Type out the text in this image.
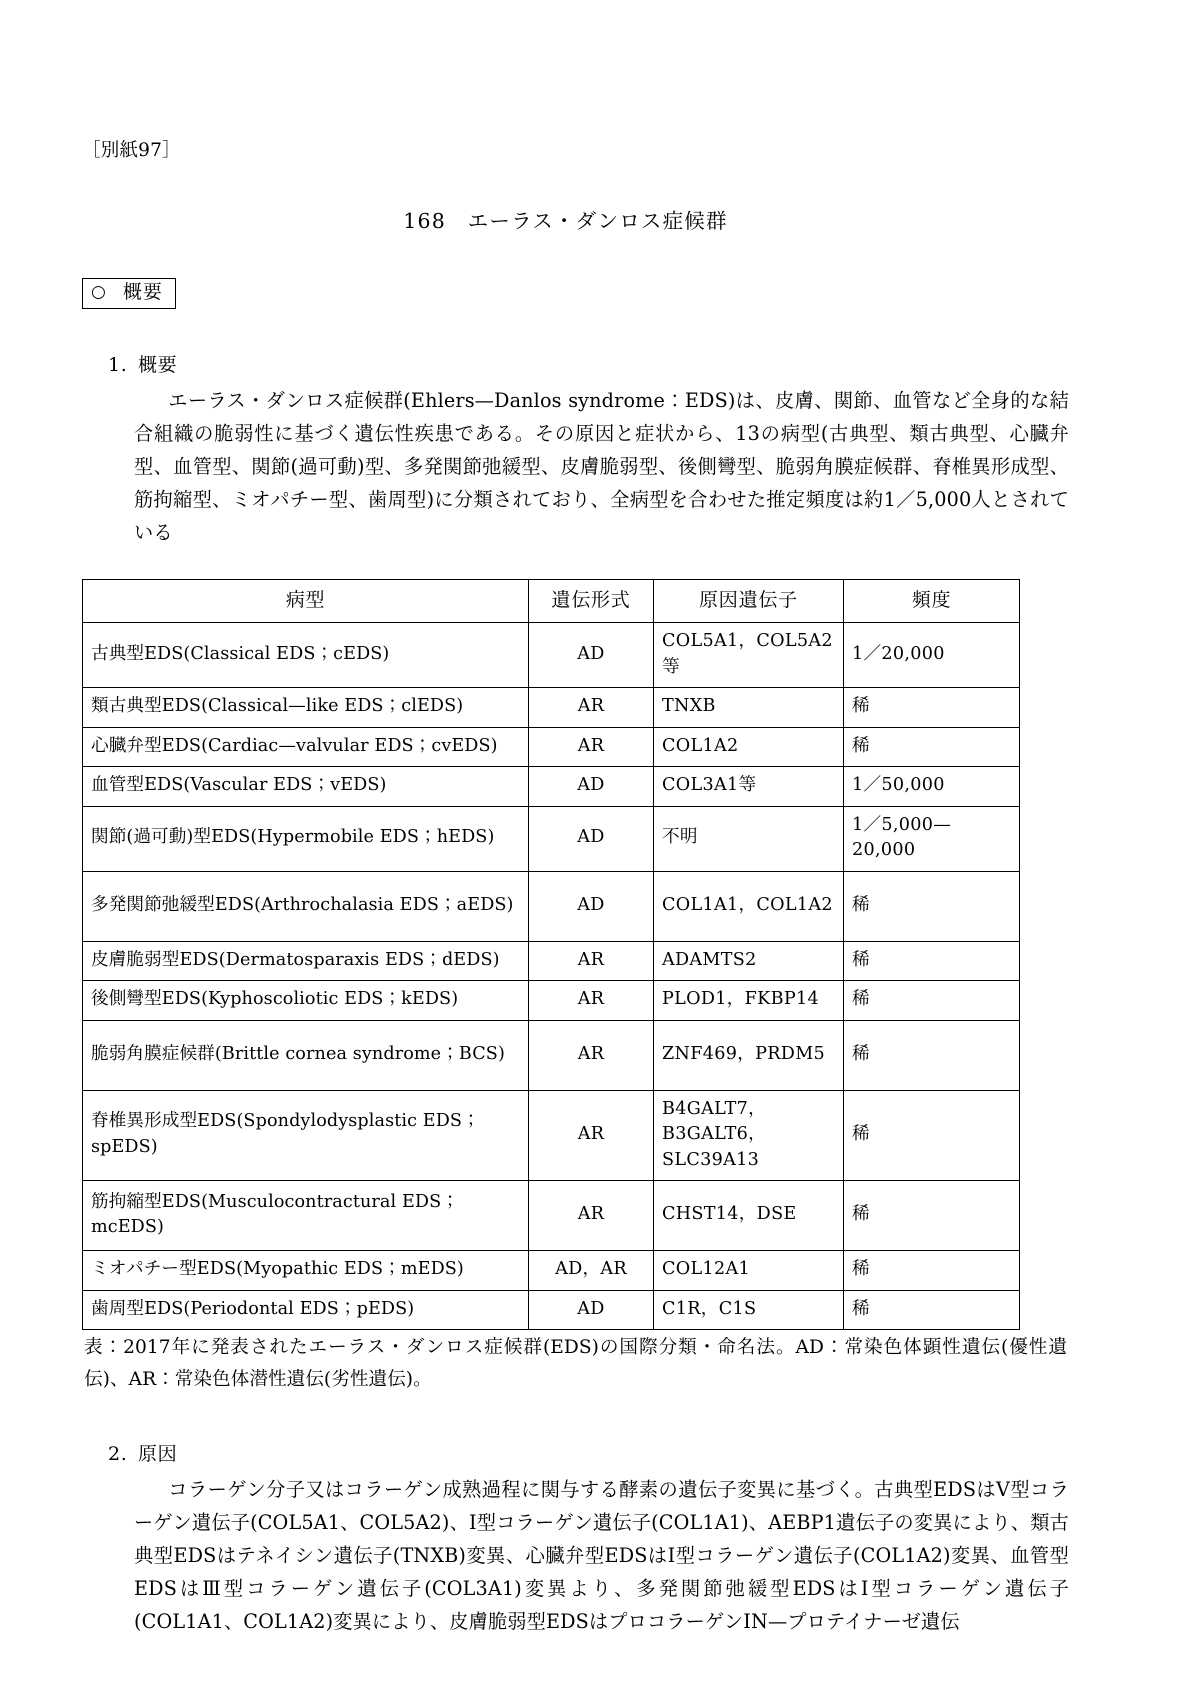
［別紙97］
168　エーラス・ダンロス症候群
○ 概要
1. 概要

エーラス・ダンロス症候群(Ehlers—Danlos syndrome：EDS)は、皮膚、関節、血管など全身的な結合組織の脆弱性に基づく遺伝性疾患である。その原因と症状から、13の病型(古典型、類古典型、心臓弁型、血管型、関節(過可動)型、多発関節弛緩型、皮膚脆弱型、後側彎型、脆弱角膜症候群、脊椎異形成型、筋拘縮型、ミオパチー型、歯周型)に分類されており、全病型を合わせた推定頻度は約1／5,000人とされている

病型	遺伝形式	原因遺伝子	頻度
古典型EDS(Classical EDS；cEDS)	AD	COL5A1，COL5A2等	1／20,000
類古典型EDS(Classical—like EDS；clEDS)	AR	TNXB	稀
心臓弁型EDS(Cardiac—valvular EDS；cvEDS)	AR	COL1A2	稀
血管型EDS(Vascular EDS；vEDS)	AD	COL3A1等	1／50,000
関節(過可動)型EDS(Hypermobile EDS；hEDS)	AD	不明	1／5,000—20,000
多発関節弛緩型EDS(Arthrochalasia EDS；aEDS)	AD	COL1A1，COL1A2	稀
皮膚脆弱型EDS(Dermatosparaxis EDS；dEDS)	AR	ADAMTS2	稀
後側彎型EDS(Kyphoscoliotic EDS；kEDS)	AR	PLOD1，FKBP14	稀
脆弱角膜症候群(Brittle cornea syndrome；BCS)	AR	ZNF469，PRDM5	稀
脊椎異形成型EDS(Spondylodysplastic EDS；spEDS)	AR	B4GALT7，B3GALT6，SLC39A13	稀
筋拘縮型EDS(Musculocontractural EDS；mcEDS)	AR	CHST14，DSE	稀
ミオパチー型EDS(Myopathic EDS；mEDS)	AD，AR	COL12A1	稀
歯周型EDS(Periodontal EDS；pEDS)	AD	C1R，C1S	稀

表：2017年に発表されたエーラス・ダンロス症候群(EDS)の国際分類・命名法。AD：常染色体顕性遺伝(優性遺伝)、AR：常染色体潜性遺伝(劣性遺伝)。

2. 原因

コラーゲン分子又はコラーゲン成熟過程に関与する酵素の遺伝子変異に基づく。古典型EDSはV型コラーゲン遺伝子(COL5A1、COL5A2)、Ⅰ型コラーゲン遺伝子(COL1A1)、AEBP1遺伝子の変異により、類古典型EDSはテネイシン遺伝子(TNXB)変異、心臓弁型EDSはⅠ型コラーゲン遺伝子(COL1A2)変異、血管型EDSはⅢ型コラーゲン遺伝子(COL3A1)変異より、多発関節弛緩型EDSはⅠ型コラーゲン遺伝子(COL1A1、COL1A2)変異により、皮膚脆弱型EDSはプロコラーゲンⅠN—プロテイナーゼ遺伝
